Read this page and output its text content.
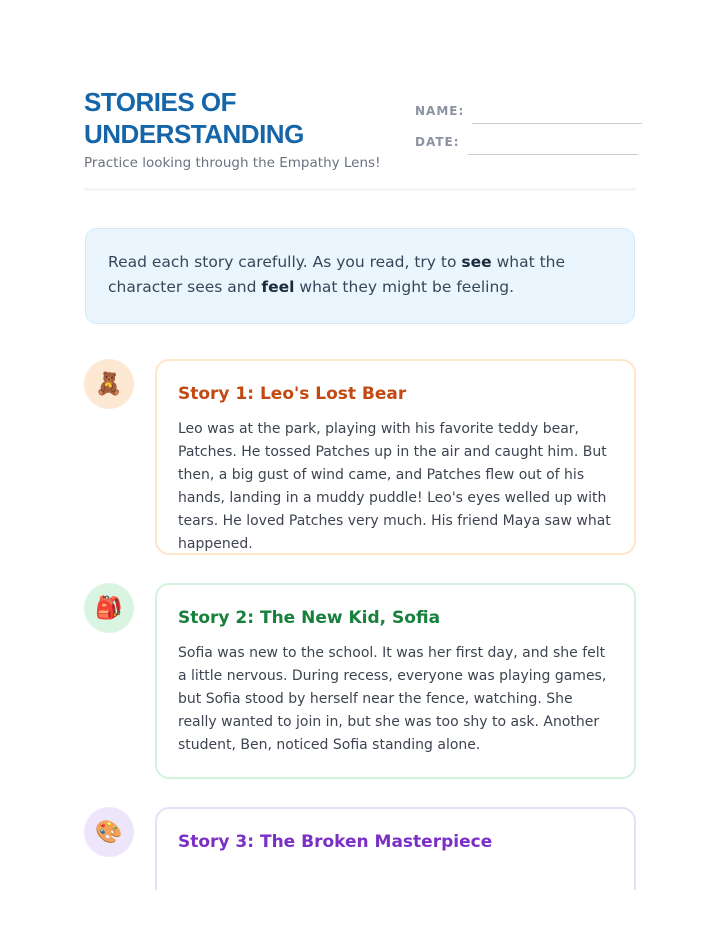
STORIES OF UNDERSTANDING

Practice looking through the Empathy Lens!

NAME:
DATE:
Read each story carefully. As you read, try to see what the character sees and feel what they might be feeling.
🧸	Story 1: Leo's Lost Bear

Leo was at the park, playing with his favorite teddy bear, Patches. He tossed Patches up in the air and caught him. But then, a big gust of wind came, and Patches flew out of his hands, landing in a muddy puddle! Leo's eyes welled up with tears. He loved Patches very much. His friend Maya saw what happened.

🎒	Story 2: The New Kid, Sofia

Sofia was new to the school. It was her first day, and she felt a little nervous. During recess, everyone was playing games, but Sofia stood by herself near the fence, watching. She really wanted to join in, but she was too shy to ask. Another student, Ben, noticed Sofia standing alone.

🎨	Story 3: The Broken Masterpiece
